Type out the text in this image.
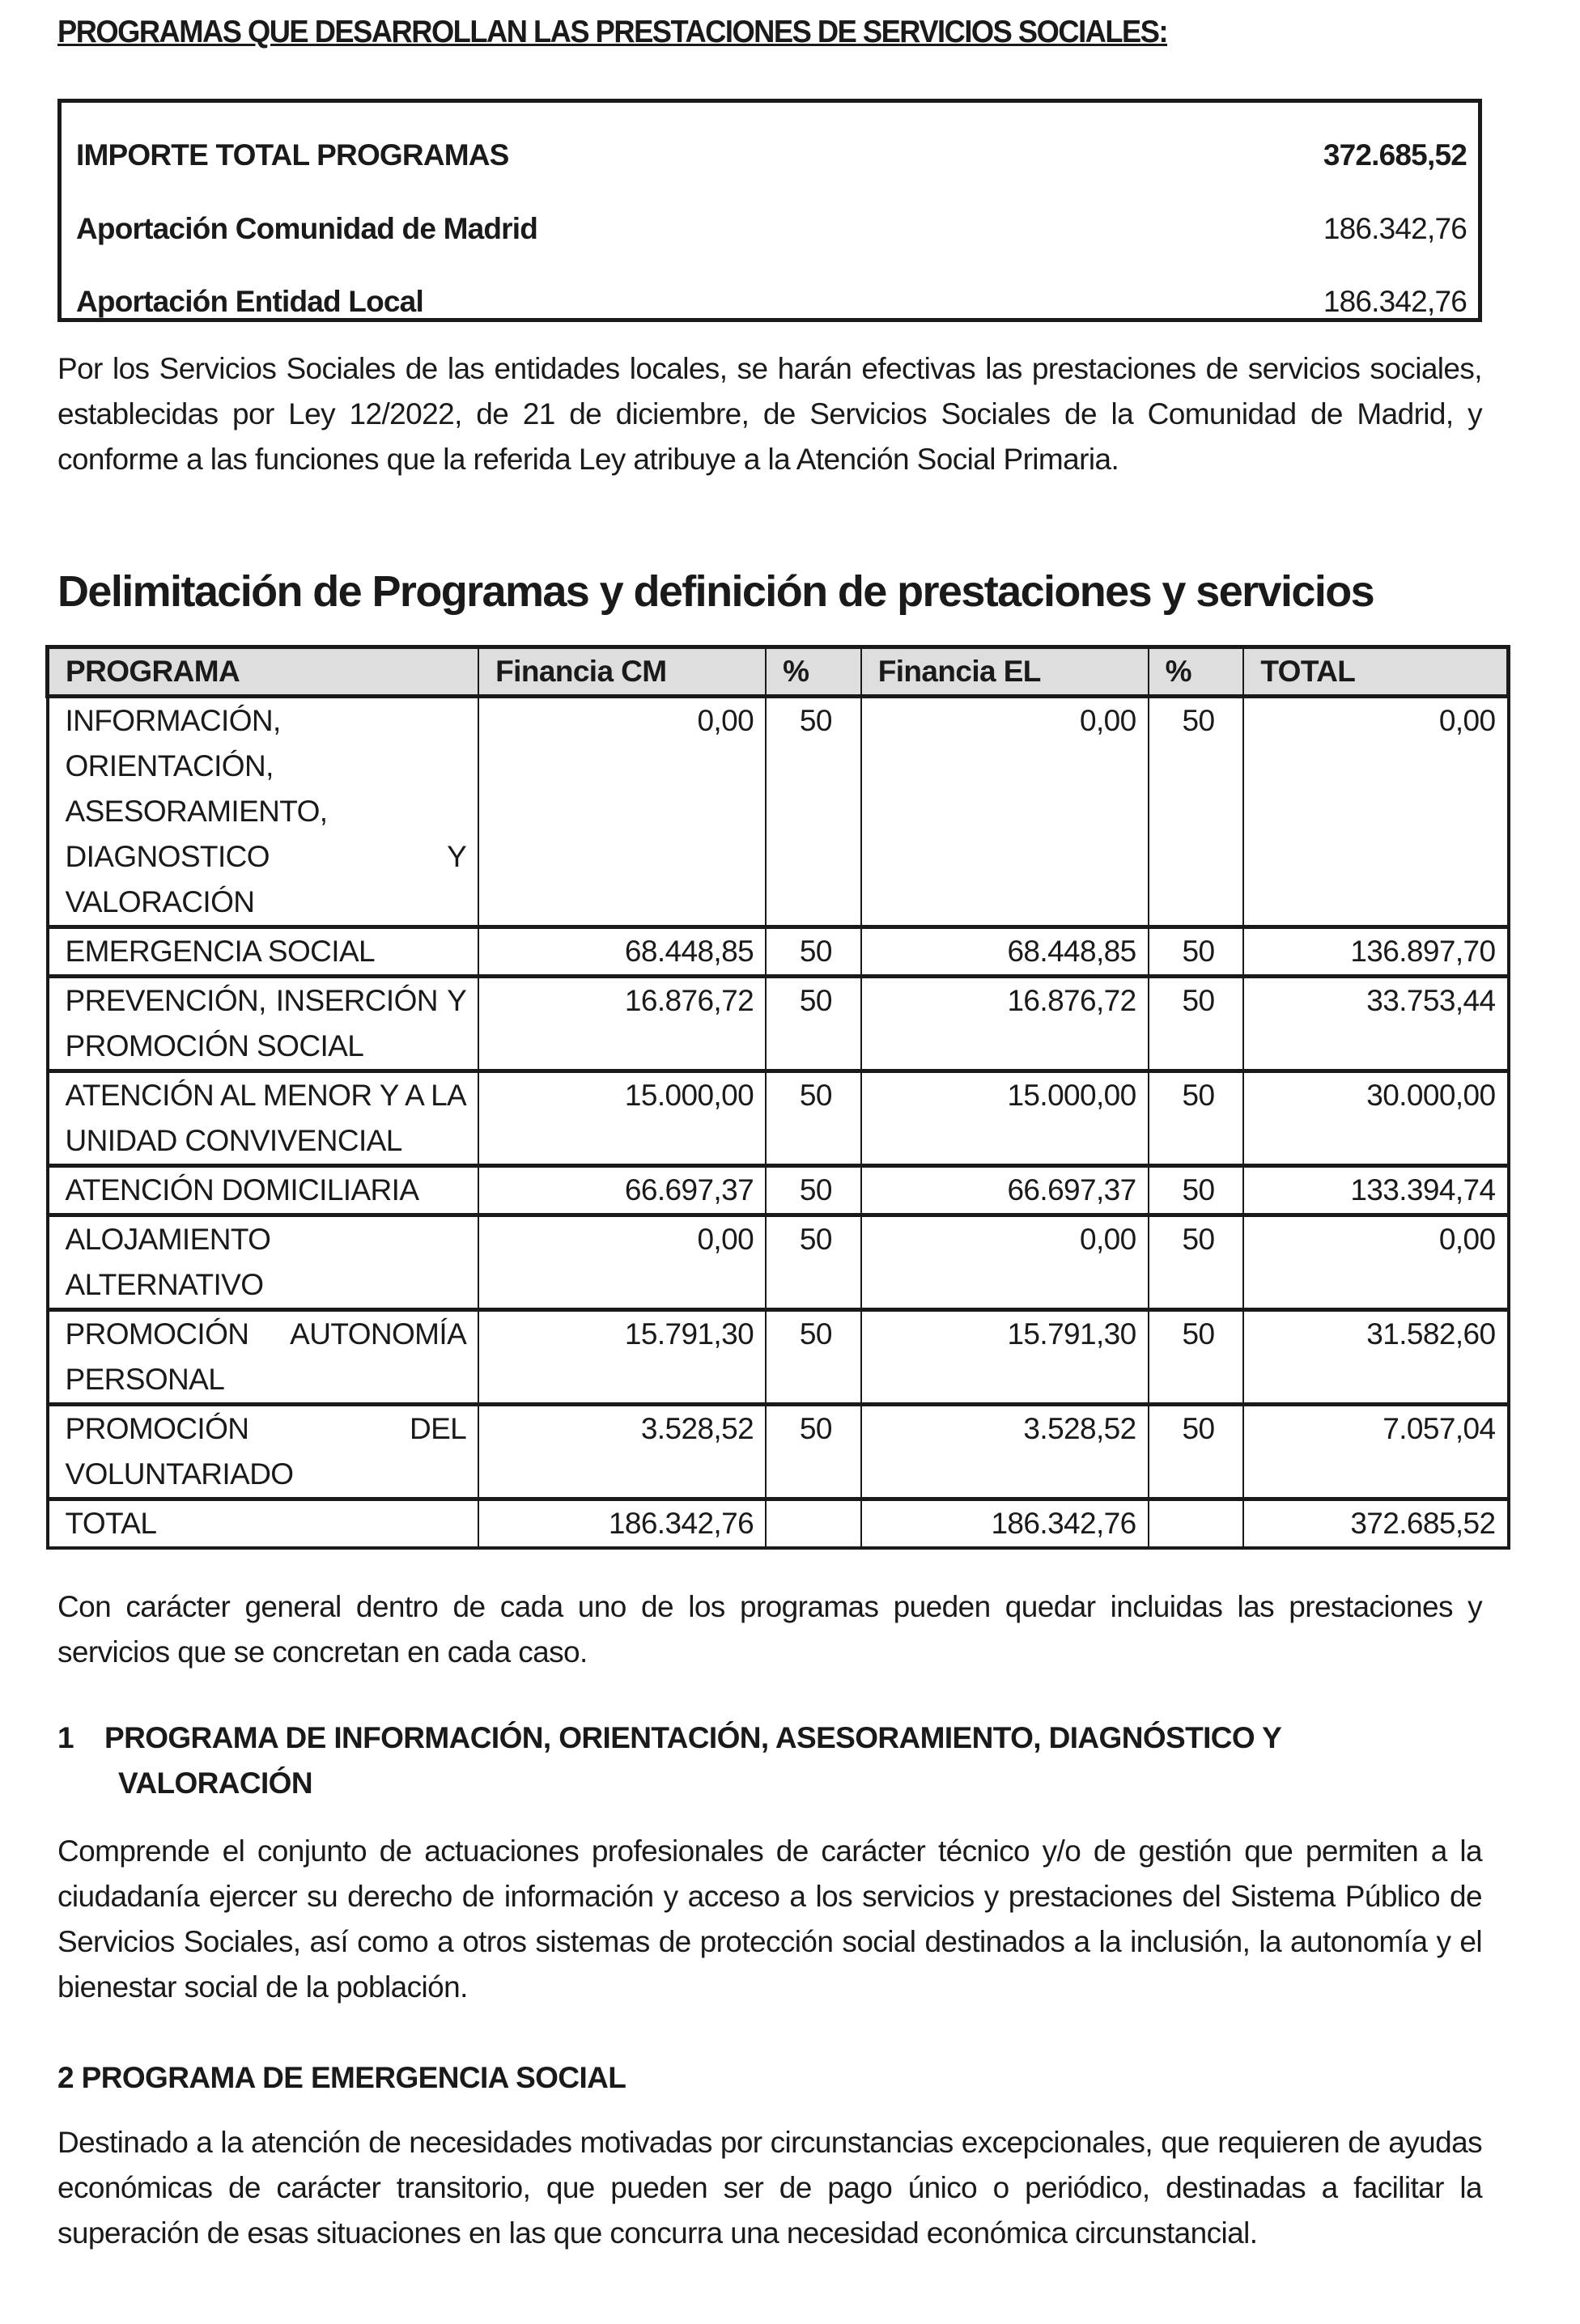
PROGRAMAS QUE DESARROLLAN LAS PRESTACIONES DE SERVICIOS SOCIALES:
IMPORTE TOTAL PROGRAMAS	372.685,52
Aportación Comunidad de Madrid	186.342,76
Aportación Entidad Local	186.342,76
Por los Servicios Sociales de las entidades locales, se harán efectivas las prestaciones de servicios sociales, establecidas por Ley 12/2022, de 21 de diciembre, de Servicios Sociales de la Comunidad de Madrid, y conforme a las funciones que la referida Ley atribuye a la Atención Social Primaria.
Delimitación de Programas y definición de prestaciones y servicios
PROGRAMA	Financia CM	%	Financia EL	%	TOTAL
INFORMACIÓN, ORIENTACIÓN, ASESORAMIENTO, DIAGNOSTICO Y VALORACIÓN	0,00	50	0,00	50	0,00
EMERGENCIA SOCIAL	68.448,85	50	68.448,85	50	136.897,70
PREVENCIÓN, INSERCIÓN Y PROMOCIÓN SOCIAL	16.876,72	50	16.876,72	50	33.753,44
ATENCIÓN AL MENOR Y A LA UNIDAD CONVIVENCIAL	15.000,00	50	15.000,00	50	30.000,00
ATENCIÓN DOMICILIARIA	66.697,37	50	66.697,37	50	133.394,74
ALOJAMIENTO ALTERNATIVO	0,00	50	0,00	50	0,00
PROMOCIÓN AUTONOMÍA PERSONAL	15.791,30	50	15.791,30	50	31.582,60
PROMOCIÓN DEL VOLUNTARIADO	3.528,52	50	3.528,52	50	7.057,04
TOTAL	186.342,76		186.342,76		372.685,52
Con carácter general dentro de cada uno de los programas pueden quedar incluidas las prestaciones y servicios que se concretan en cada caso.
1 PROGRAMA DE INFORMACIÓN, ORIENTACIÓN, ASESORAMIENTO, DIAGNÓSTICO Y
VALORACIÓN
Comprende el conjunto de actuaciones profesionales de carácter técnico y/o de gestión que permiten a la ciudadanía ejercer su derecho de información y acceso a los servicios y prestaciones del Sistema Público de Servicios Sociales, así como a otros sistemas de protección social destinados a la inclusión, la autonomía y el bienestar social de la población.
2 PROGRAMA DE EMERGENCIA SOCIAL
Destinado a la atención de necesidades motivadas por circunstancias excepcionales, que requieren de ayudas económicas de carácter transitorio, que pueden ser de pago único o periódico, destinadas a facilitar la superación de esas situaciones en las que concurra una necesidad económica circunstancial.
